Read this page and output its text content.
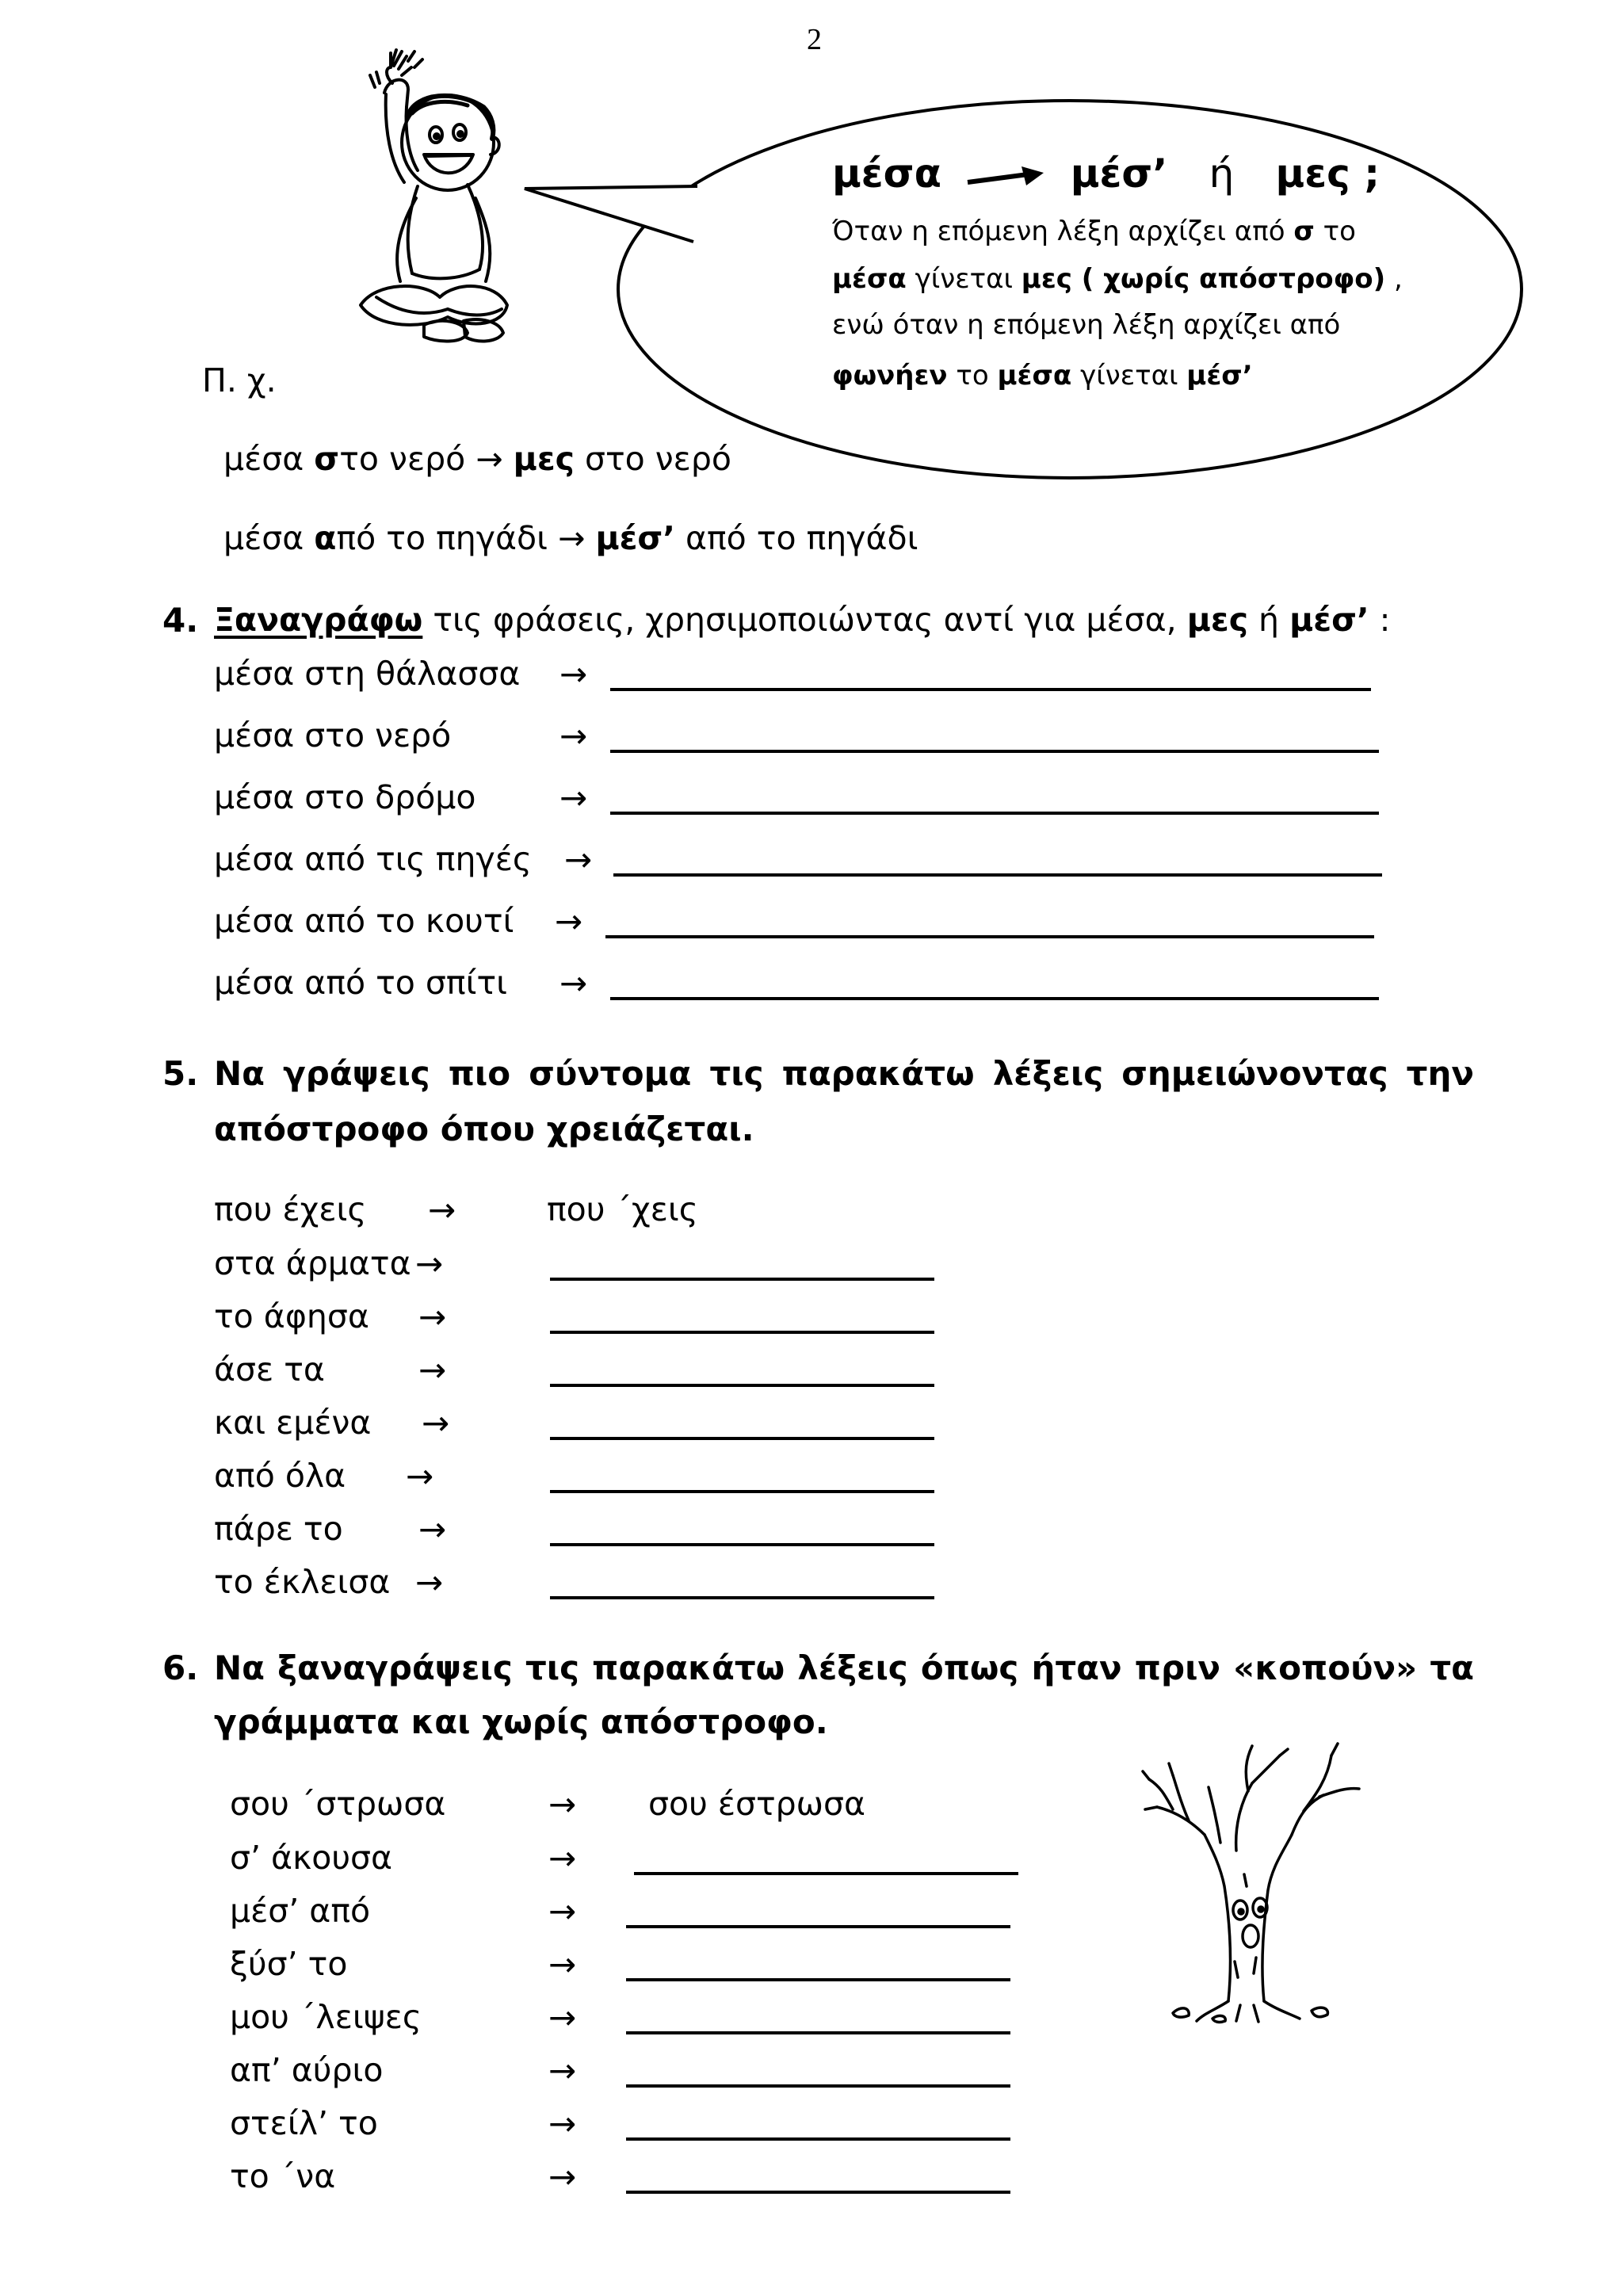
2
μέσα	μέσ’ ή μες ;
Όταν η επόμενη λέξη αρχίζει από σ το
μέσα γίνεται μες ( χωρίς απόστροφο) ,
ενώ όταν η επόμενη λέξη αρχίζει από
φωνήεν το μέσα γίνεται μέσ’
Π. χ.
μέσα στο νερό → μες στο νερό
μέσα από το πηγάδι → μέσ’ από το πηγάδι
4. Ξαναγράφω τις φράσεις, χρησιμοποιώντας αντί για μέσα, μες ή μέσ’ :
μέσα στη θάλασσα →
μέσα στο νερό	→
μέσα στο δρόμο	→
μέσα από τις πηγές →
μέσα από το κουτί →
μέσα από το σπίτι →
5. Να γράψεις πιο σύντομα τις παρακάτω λέξεις σημειώνοντας την
απόστροφο όπου χρειάζεται.
που έχεις →	που ΄χεις
στα άρματα →
το άφησα →
άσε τα	→
και εμένα →
από όλα →
πάρε το →
το έκλεισα →
6. Να ξαναγράψεις τις παρακάτω λέξεις όπως ήταν πριν «κοπούν» τα
γράμματα και χωρίς απόστροφο.
σου ΄στρωσα	→ σου έστρωσα
σ’ άκουσα	→
μέσ’ από	→
ξύσ’ το	→
μου ΄λειψες	→
απ’ αύριο	→
στείλ’ το	→
το ΄να	→
